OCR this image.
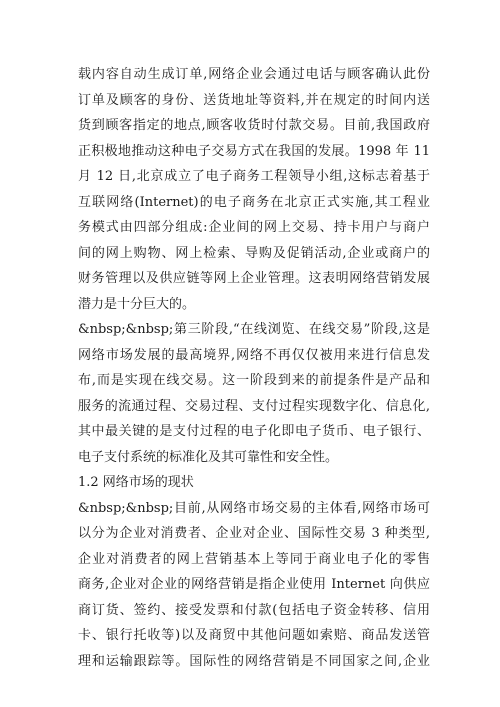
载内容自动生成订单,网络企业会通过电话与顾客确认此份
订单及顾客的身份、送货地址等资料,并在规定的时间内送
货到顾客指定的地点,顾客收货时付款交易。目前,我国政府
正积极地推动这种电子交易方式在我国的发展。1998 年 11
月 12 日,北京成立了电子商务工程领导小组,这标志着基于
互联网络(Internet)的电子商务在北京正式实施,其工程业
务模式由四部分组成:企业间的网上交易、持卡用户与商户
间的网上购物、网上检索、导购及促销活动,企业或商户的
财务管理以及供应链等网上企业管理。这表明网络营销发展
潜力是十分巨大的。
&nbsp;&nbsp;第三阶段,“在线浏览、在线交易”阶段,这是
网络市场发展的最高境界,网络不再仅仅被用来进行信息发
布,而是实现在线交易。这一阶段到来的前提条件是产品和
服务的流通过程、交易过程、支付过程实现数字化、信息化,
其中最关键的是支付过程的电子化即电子货币、电子银行、
电子支付系统的标准化及其可靠性和安全性。
1.2 网络市场的现状
&nbsp;&nbsp;目前,从网络市场交易的主体看,网络市场可
以分为企业对消费者、企业对企业、国际性交易 3 种类型,
企业对消费者的网上营销基本上等同于商业电子化的零售
商务,企业对企业的网络营销是指企业使用 Internet 向供应
商订货、签约、接受发票和付款(包括电子资金转移、信用
卡、银行托收等)以及商贸中其他问题如索赔、商品发送管
理和运输跟踪等。国际性的网络营销是不同国家之间,企业
